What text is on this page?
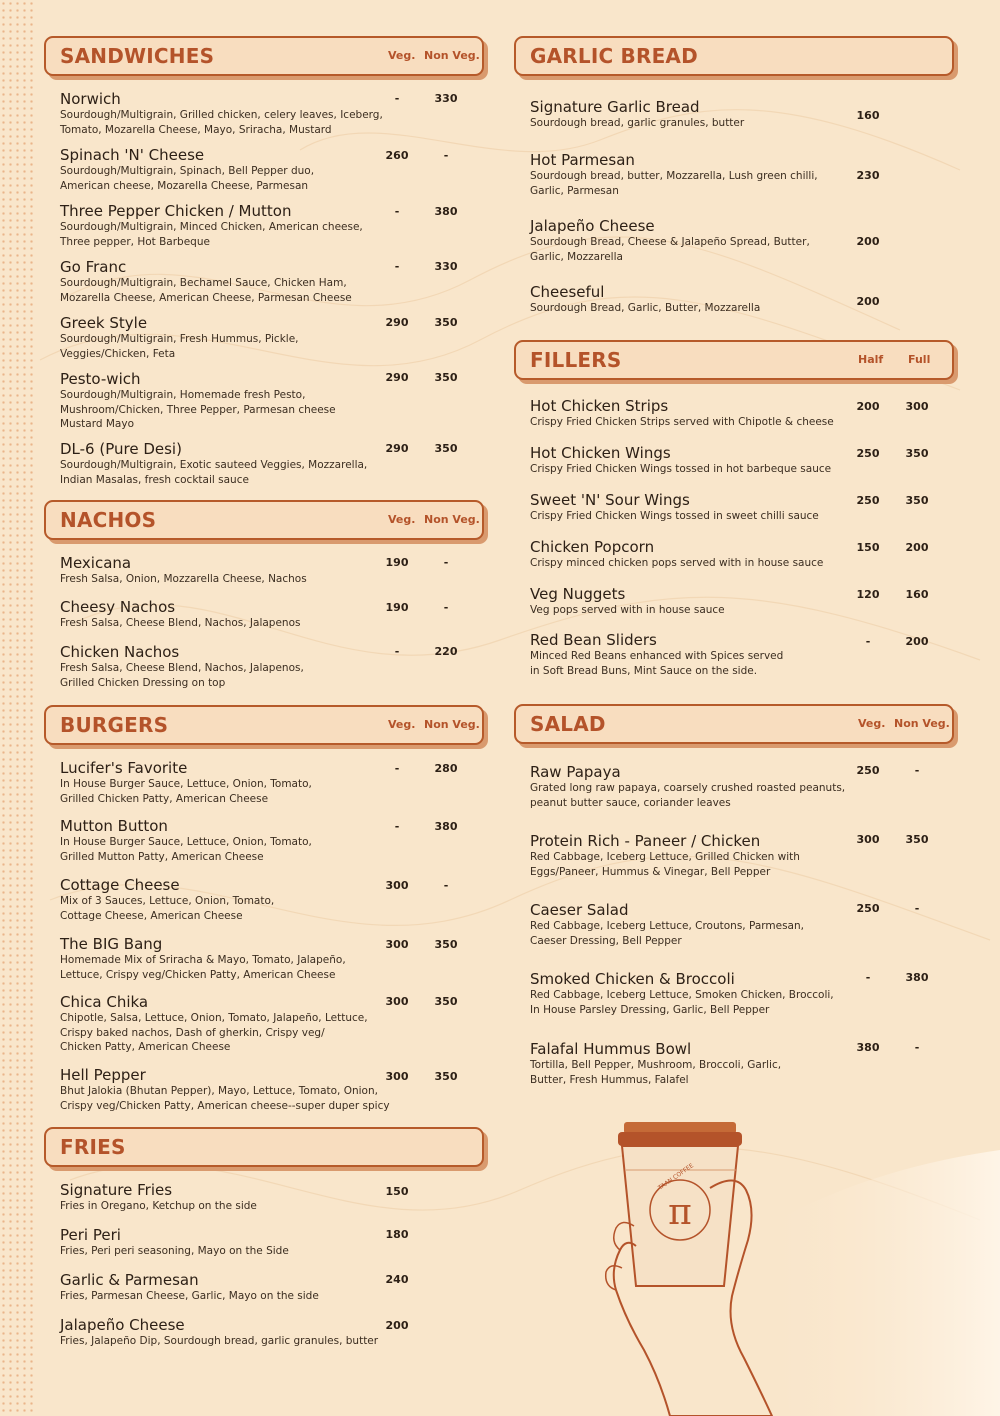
SANDWICHES	Veg. Non Veg.
Norwich
Sourdough/Multigrain, Grilled chicken, celery leaves, Iceberg,
Tomato, Mozarella Cheese, Mayo, Sriracha, Mustard
-	330
Spinach 'N' Cheese
Sourdough/Multigrain, Spinach, Bell Pepper duo,
American cheese, Mozarella Cheese, Parmesan
260	-
Three Pepper Chicken / Mutton
Sourdough/Multigrain, Minced Chicken, American cheese,
Three pepper, Hot Barbeque
-	380
Go Franc
Sourdough/Multigrain, Bechamel Sauce, Chicken Ham,
Mozarella Cheese, American Cheese, Parmesan Cheese
-	330
Greek Style
Sourdough/Multigrain, Fresh Hummus, Pickle,
Veggies/Chicken, Feta
290	350
Pesto-wich
Sourdough/Multigrain, Homemade fresh Pesto,
Mushroom/Chicken, Three Pepper, Parmesan cheese
Mustard Mayo
290	350
DL-6 (Pure Desi)
Sourdough/Multigrain, Exotic sauteed Veggies, Mozzarella,
Indian Masalas, fresh cocktail sauce
290	350
NACHOS	Veg. Non Veg.
Mexicana
Fresh Salsa, Onion, Mozzarella Cheese, Nachos
190	-
Cheesy Nachos
Fresh Salsa, Cheese Blend, Nachos, Jalapenos
190	-
Chicken Nachos
Fresh Salsa, Cheese Blend, Nachos, Jalapenos,
Grilled Chicken Dressing on top
-	220
BURGERS	Veg. Non Veg.
Lucifer's Favorite
In House Burger Sauce, Lettuce, Onion, Tomato,
Grilled Chicken Patty, American Cheese
-	280
Mutton Button
In House Burger Sauce, Lettuce, Onion, Tomato,
Grilled Mutton Patty, American Cheese
-	380
Cottage Cheese
Mix of 3 Sauces, Lettuce, Onion, Tomato,
Cottage Cheese, American Cheese
300	-
The BIG Bang
Homemade Mix of Sriracha & Mayo, Tomato, Jalapeño,
Lettuce, Crispy veg/Chicken Patty, American Cheese
300	350
Chica Chika
Chipotle, Salsa, Lettuce, Onion, Tomato, Jalapeño, Lettuce,
Crispy baked nachos, Dash of gherkin, Crispy veg/
Chicken Patty, American Cheese
300	350
Hell Pepper
Bhut Jalokia (Bhutan Pepper), Mayo, Lettuce, Tomato, Onion,
Crispy veg/Chicken Patty, American cheese--super duper spicy
300	350
FRIES
Signature Fries
Fries in Oregano, Ketchup on the side
150
Peri Peri
Fries, Peri peri seasoning, Mayo on the Side
180
Garlic & Parmesan
Fries, Parmesan Cheese, Garlic, Mayo on the side
240
Jalapeño Cheese
Fries, Jalapeño Dip, Sourdough bread, garlic granules, butter
200
GARLIC BREAD
Signature Garlic Bread
Sourdough bread, garlic granules, butter
160
Hot Parmesan
Sourdough bread, butter, Mozzarella, Lush green chilli,
Garlic, Parmesan
230
Jalapeño Cheese
Sourdough Bread, Cheese & Jalapeño Spread, Butter,
Garlic, Mozzarella
200
Cheeseful
Sourdough Bread, Garlic, Butter, Mozzarella	200
FILLERS	Half Full
Hot Chicken Strips
Crispy Fried Chicken Strips served with Chipotle & cheese
200	300
Hot Chicken Wings
Crispy Fried Chicken Wings tossed in hot barbeque sauce
250	350
Sweet 'N' Sour Wings
Crispy Fried Chicken Wings tossed in sweet chilli sauce
250	350
Chicken Popcorn
Crispy minced chicken pops served with in house sauce
150	200
Veg Nuggets
Veg pops served with in house sauce
120	160
Red Bean Sliders
Minced Red Beans enhanced with Spices served
in Soft Bread Buns, Mint Sauce on the side.
-	200
SALAD	Veg. Non Veg.
Raw Papaya
Grated long raw papaya, coarsely crushed roasted peanuts,
peanut butter sauce, coriander leaves
250	-
Protein Rich - Paneer / Chicken
Red Cabbage, Iceberg Lettuce, Grilled Chicken with
Eggs/Paneer, Hummus & Vinegar, Bell Pepper
300	350
Caeser Salad
Red Cabbage, Iceberg Lettuce, Croutons, Parmesan,
Caeser Dressing, Bell Pepper
250	-
Smoked Chicken & Broccoli
Red Cabbage, Iceberg Lettuce, Smoken Chicken, Broccoli,
In House Parsley Dressing, Garlic, Bell Pepper
-	380
Falafal Hummus Bowl
Tortilla, Bell Pepper, Mushroom, Broccoli, Garlic,
Butter, Fresh Hummus, Falafel
380	-
π
TAAN COFFEE
